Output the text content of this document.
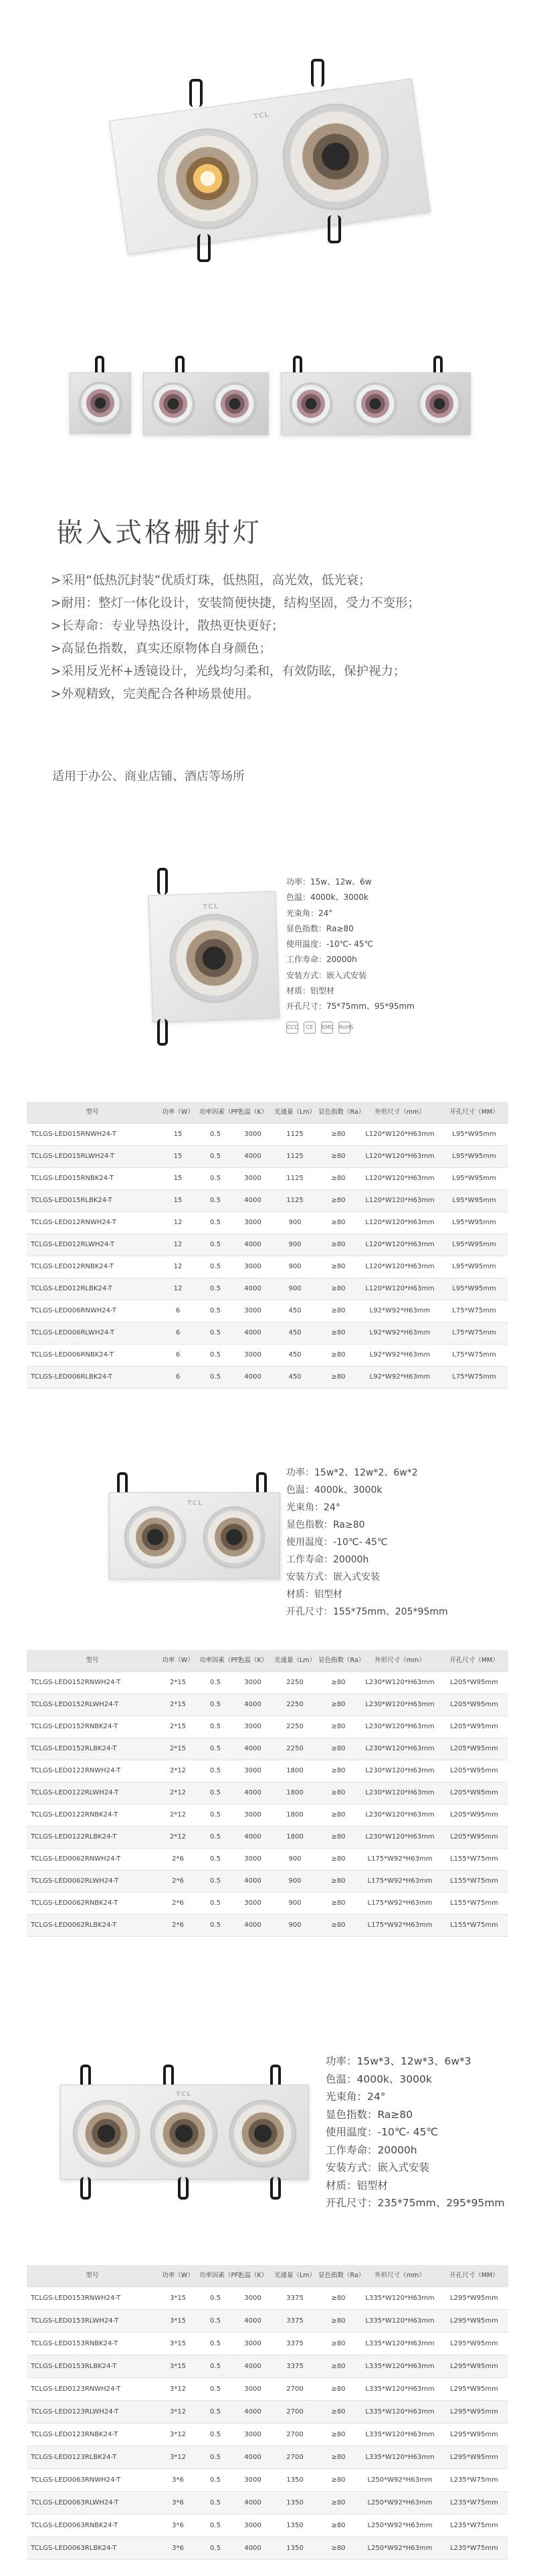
TCL
嵌入式格栅射灯
>采用“低热沉封装”优质灯珠，低热阻，高光效，低光衰；
>耐用：整灯一体化设计，安装简便快捷，结构坚固，受力不变形；
>长寿命：专业导热设计，散热更快更好；
>高显色指数，真实还原物体自身颜色；
>采用反光杯+透镜设计，光线均匀柔和，有效防眩，保护视力；
>外观精致，完美配合各种场景使用。

适用于办公、商业店铺、酒店等场所

TCL
功率：15w、12w、6w
色温：4000k、3000k
光束角：24°
显色指数：Ra≥80
使用温度：-10℃- 45℃
工作寿命：20000h
安装方式：嵌入式安装
材质：铝型材
开孔尺寸：75*75mm、95*95mm
CCC	CE	EMC RoHS
型号	功率（W）	功率因素（PF）	色温（K）	光通量（Lm）	显色指数（Ra）	外形尺寸（mm）	开孔尺寸（MM）
TCLGS-LED015RNWH24-T	15	0.5	3000	1125	≥80	L120*W120*H63mm	L95*W95mm
TCLGS-LED015RLWH24-T	15	0.5	4000	1125	≥80	L120*W120*H63mm	L95*W95mm
TCLGS-LED015RNBK24-T	15	0.5	3000	1125	≥80	L120*W120*H63mm	L95*W95mm
TCLGS-LED015RLBK24-T	15	0.5	4000	1125	≥80	L120*W120*H63mm	L95*W95mm
TCLGS-LED012RNWH24-T	12	0.5	3000	900	≥80	L120*W120*H63mm	L95*W95mm
TCLGS-LED012RLWH24-T	12	0.5	4000	900	≥80	L120*W120*H63mm	L95*W95mm
TCLGS-LED012RNBK24-T	12	0.5	3000	900	≥80	L120*W120*H63mm	L95*W95mm
TCLGS-LED012RLBK24-T	12	0.5	4000	900	≥80	L120*W120*H63mm	L95*W95mm
TCLGS-LED006RNWH24-T	6	0.5	3000	450	≥80	L92*W92*H63mm	L75*W75mm
TCLGS-LED006RLWH24-T	6	0.5	4000	450	≥80	L92*W92*H63mm	L75*W75mm
TCLGS-LED006RNBK24-T	6	0.5	3000	450	≥80	L92*W92*H63mm	L75*W75mm
TCLGS-LED006RLBK24-T	6	0.5	4000	450	≥80	L92*W92*H63mm	L75*W75mm
TCL
功率：15w*2、12w*2、6w*2
色温：4000k、3000k
光束角：24°
显色指数：Ra≥80
使用温度：-10℃- 45℃
工作寿命：20000h
安装方式：嵌入式安装
材质：铝型材
开孔尺寸：155*75mm、205*95mm
型号	功率（W）	功率因素（PF）	色温（K）	光通量（Lm）	显色指数（Ra）	外形尺寸（mm）	开孔尺寸（MM）
TCLGS-LED0152RNWH24-T	2*15	0.5	3000	2250	≥80	L230*W120*H63mm	L205*W95mm
TCLGS-LED0152RLWH24-T	2*15	0.5	4000	2250	≥80	L230*W120*H63mm	L205*W95mm
TCLGS-LED0152RNBK24-T	2*15	0.5	3000	2250	≥80	L230*W120*H63mm	L205*W95mm
TCLGS-LED0152RLBK24-T	2*15	0.5	4000	2250	≥80	L230*W120*H63mm	L205*W95mm
TCLGS-LED0122RNWH24-T	2*12	0.5	3000	1800	≥80	L230*W120*H63mm	L205*W95mm
TCLGS-LED0122RLWH24-T	2*12	0.5	4000	1800	≥80	L230*W120*H63mm	L205*W95mm
TCLGS-LED0122RNBK24-T	2*12	0.5	3000	1800	≥80	L230*W120*H63mm	L205*W95mm
TCLGS-LED0122RLBK24-T	2*12	0.5	4000	1800	≥80	L230*W120*H63mm	L205*W95mm
TCLGS-LED0062RNWH24-T	2*6	0.5	3000	900	≥80	L175*W92*H63mm	L155*W75mm
TCLGS-LED0062RLWH24-T	2*6	0.5	4000	900	≥80	L175*W92*H63mm	L155*W75mm
TCLGS-LED0062RNBK24-T	2*6	0.5	3000	900	≥80	L175*W92*H63mm	L155*W75mm
TCLGS-LED0062RLBK24-T	2*6	0.5	4000	900	≥80	L175*W92*H63mm	L155*W75mm
TCL
功率：15w*3、12w*3、6w*3
色温：4000k、3000k
光束角：24°
显色指数：Ra≥80
使用温度：-10℃- 45℃
工作寿命：20000h
安装方式：嵌入式安装
材质：铝型材
开孔尺寸：235*75mm、295*95mm
型号	功率（W）	功率因素（PF）	色温（K）	光通量（Lm）	显色指数（Ra）	外形尺寸（mm）	开孔尺寸（MM）
TCLGS-LED0153RNWH24-T	3*15	0.5	3000	3375	≥80	L335*W120*H63mm	L295*W95mm
TCLGS-LED0153RLWH24-T	3*15	0.5	4000	3375	≥80	L335*W120*H63mm	L295*W95mm
TCLGS-LED0153RNBK24-T	3*15	0.5	3000	3375	≥80	L335*W120*H63mm	L295*W95mm
TCLGS-LED0153RLBK24-T	3*15	0.5	4000	3375	≥80	L335*W120*H63mm	L295*W95mm
TCLGS-LED0123RNWH24-T	3*12	0.5	3000	2700	≥80	L335*W120*H63mm	L295*W95mm
TCLGS-LED0123RLWH24-T	3*12	0.5	4000	2700	≥80	L335*W120*H63mm	L295*W95mm
TCLGS-LED0123RNBK24-T	3*12	0.5	3000	2700	≥80	L335*W120*H63mm	L295*W95mm
TCLGS-LED0123RLBK24-T	3*12	0.5	4000	2700	≥80	L335*W120*H63mm	L295*W95mm
TCLGS-LED0063RNWH24-T	3*6	0.5	3000	1350	≥80	L250*W92*H63mm	L235*W75mm
TCLGS-LED0063RLWH24-T	3*6	0.5	4000	1350	≥80	L250*W92*H63mm	L235*W75mm
TCLGS-LED0063RNBK24-T	3*6	0.5	3000	1350	≥80	L250*W92*H63mm	L235*W75mm
TCLGS-LED0063RLBK24-T	3*6	0.5	4000	1350	≥80	L250*W92*H63mm	L235*W75mm
